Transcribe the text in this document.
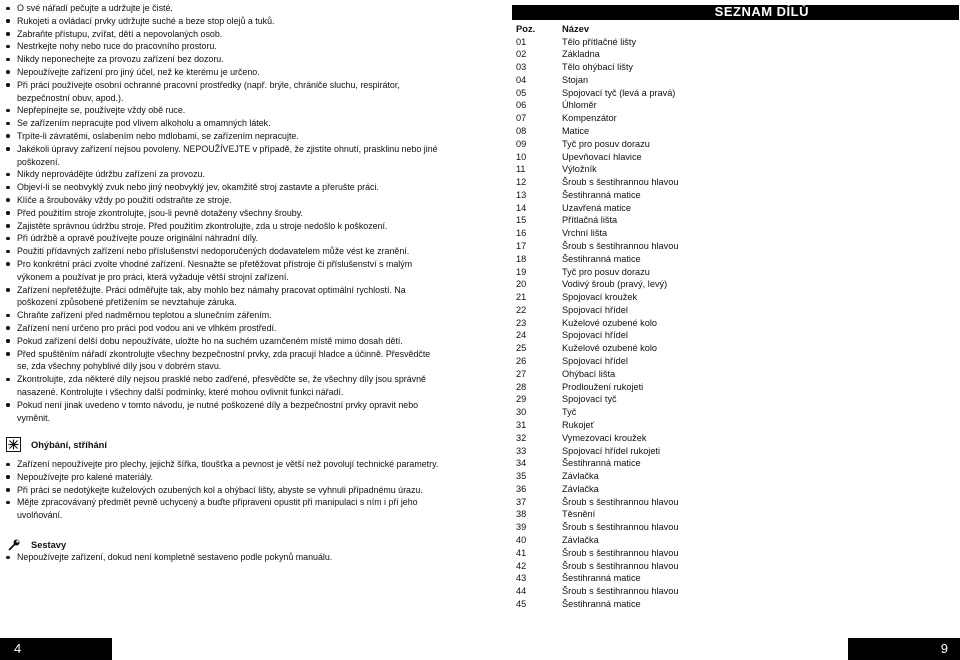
O své nářadí pečujte a udržujte je čisté.
Rukojeti a ovládací prvky udržujte suché a beze stop olejů a tuků.
Zabraňte přístupu, zvířat, dětí a nepovolaných osob.
Nestrkejte nohy nebo ruce do pracovního prostoru.
Nikdy neponechejte za provozu zařízení bez dozoru.
Nepoužívejte zařízení pro jiný účel, než ke kterému je určeno.
Při práci používejte osobní ochranné pracovní prostředky (např. brýle, chrániče sluchu, respirátor, bezpečnostní obuv, apod.).
Nepřepínejte se, používejte vždy obě ruce.
Se zařízením nepracujte pod vlivem alkoholu a omamných látek.
Trpíte-li závratěmi, oslabením nebo mdlobami, se zařízením nepracujte.
Jakékoli úpravy zařízení nejsou povoleny. NEPOUŽÍVEJTE v případě, že zjistíte ohnutí, prasklinu nebo jiné poškození.
Nikdy neprovádějte údržbu zařízení za provozu.
Objeví-li se neobvyklý zvuk nebo jiný neobvyklý jev, okamžitě stroj zastavte a přerušte práci.
Klíče a šroubováky vždy po použití odstraňte ze stroje.
Před použitím stroje zkontrolujte, jsou-li pevně dotaženy všechny šrouby.
Zajistěte správnou údržbu stroje. Před použitím zkontrolujte, zda u stroje nedošlo k poškození.
Při údržbě a opravě používejte pouze originální náhradní díly.
Použití přídavných zařízení nebo příslušenství nedoporučených dodavatelem může vést ke zranění.
Pro konkrétní práci zvolte vhodné zařízení. Nesnažte se přetěžovat přístroje či příslušenství s malým výkonem a používat je pro práci, která vyžaduje větší strojní zařízení.
Zařízení nepřetěžujte. Práci odměřujte tak, aby mohlo bez námahy pracovat optimální rychlostí. Na poškození způsobené přetížením se nevztahuje záruka.
Chraňte zařízení před nadměrnou teplotou a slunečním zářením.
Zařízení není určeno pro práci pod vodou ani ve vlhkém prostředí.
Pokud zařízení delší dobu nepoužíváte, uložte ho na suchém uzamčeném místě mimo dosah dětí.
Před spuštěním nářadí zkontrolujte všechny bezpečnostní prvky, zda pracují hladce a účinně. Přesvědčte se, zda všechny pohyblivé díly jsou v dobrém stavu.
Zkontrolujte, zda některé díly nejsou prasklé nebo zadřené, přesvědčte se, že všechny díly jsou správně nasazené. Kontrolujte i všechny další podmínky, které mohou ovlivnit funkci nářadí.
Pokud není jinak uvedeno v tomto návodu, je nutné poškozené díly a bezpečnostní prvky opravit nebo vyměnit.
Ohýbání, stříhání
Zařízení nepoužívejte pro plechy, jejichž šířka, tloušťka a pevnost je větší než povolují technické parametry.
Nepoužívejte pro kalené materiály.
Při práci se nedotýkejte kuželových ozubených kol a ohýbací lišty, abyste se vyhnuli případnému úrazu.
Mějte zpracovávaný předmět pevně uchycený a buďte připraveni opustit při manipulaci s ním i při jeho uvolňování.
Sestavy
Nepoužívejte zařízení, dokud není kompletně sestaveno podle pokynů manuálu.
SEZNAM DÍLŮ
Poz.	Název
01	Tělo přítlačné lišty
02	Základna
03	Tělo ohýbací lišty
04	Stojan
05	Spojovací tyč (levá a pravá)
06	Úhloměr
07	Kompenzátor
08	Matice
09	Tyč pro posuv dorazu
10	Upevňovací hlavice
11	Výložník
12	Šroub s šestihrannou hlavou
13	Šestihranná matice
14	Uzavřená matice
15	Přítlačná lišta
16	Vrchní lišta
17	Šroub s šestihrannou hlavou
18	Šestihranná matice
19	Tyč pro posuv dorazu
20	Vodivý šroub (pravý, levý)
21	Spojovací kroužek
22	Spojovací hřídel
23	Kuželové ozubené kolo
24	Spojovací hřídel
25	Kuželové ozubené kolo
26	Spojovací hřídel
27	Ohýbací lišta
28	Prodloužení rukojeti
29	Spojovací tyč
30	Tyč
31	Rukojeť
32	Vymezovací kroužek
33	Spojovací hřídel rukojeti
34	Šestihranná matice
35	Závlačka
36	Závlačka
37	Šroub s šestihrannou hlavou
38	Těsnění
39	Šroub s šestihrannou hlavou
40	Závlačka
41	Šroub s šestihrannou hlavou
42	Šroub s šestihrannou hlavou
43	Šestihranná matice
44	Šroub s šestihrannou hlavou
45	Šestihranná matice
4	9
